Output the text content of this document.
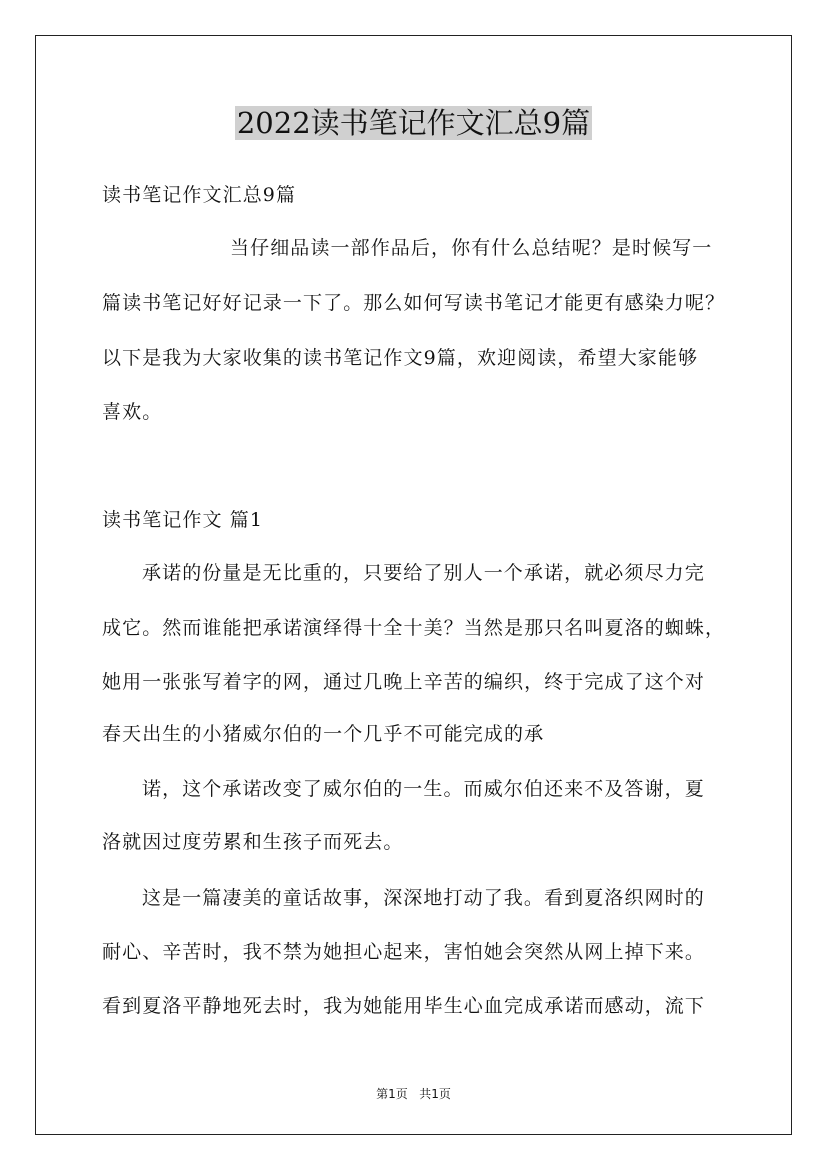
2022读书笔记作文汇总9篇
读书笔记作文汇总9篇
当仔细品读一部作品后，你有什么总结呢？是时候写一
篇读书笔记好好记录一下了。那么如何写读书笔记才能更有感染力呢？
以下是我为大家收集的读书笔记作文9篇，欢迎阅读，希望大家能够
喜欢。
读书笔记作文 篇1
承诺的份量是无比重的，只要给了别人一个承诺，就必须尽力完
成它。然而谁能把承诺演绎得十全十美？当然是那只名叫夏洛的蜘蛛，
她用一张张写着字的网，通过几晚上辛苦的编织，终于完成了这个对
春天出生的小猪威尔伯的一个几乎不可能完成的承
诺，这个承诺改变了威尔伯的一生。而威尔伯还来不及答谢，夏
洛就因过度劳累和生孩子而死去。
这是一篇凄美的童话故事，深深地打动了我。看到夏洛织网时的
耐心、辛苦时，我不禁为她担心起来，害怕她会突然从网上掉下来。
看到夏洛平静地死去时，我为她能用毕生心血完成承诺而感动，流下
第1页 共1页
